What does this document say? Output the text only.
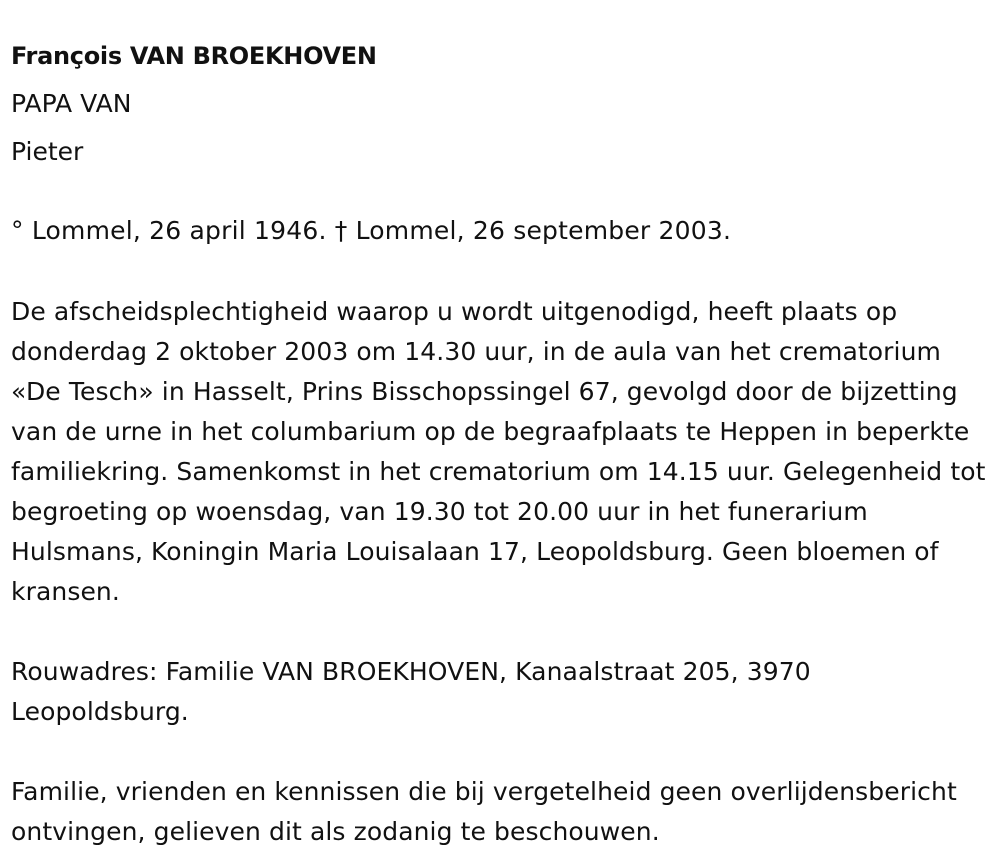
François VAN BROEKHOVEN
PAPA VAN
Pieter
° Lommel, 26 april 1946. † Lommel, 26 september 2003.

De afscheidsplechtigheid waarop u wordt uitgenodigd, heeft plaats op donderdag 2 oktober 2003 om 14.30 uur, in de aula van het crematorium «De Tesch» in Hasselt, Prins Bisschopssingel 67, gevolgd door de bijzetting van de urne in het columbarium op de begraafplaats te Heppen in beperkte familiekring. Samenkomst in het crematorium om 14.15 uur. Gelegenheid tot begroeting op woensdag, van 19.30 tot 20.00 uur in het funerarium Hulsmans, Koningin Maria Louisalaan 17, Leopoldsburg. Geen bloemen of kransen.

Rouwadres: Familie VAN BROEKHOVEN, Kanaalstraat 205, 3970 Leopoldsburg.

Familie, vrienden en kennissen die bij vergetelheid geen overlijdensbericht ontvingen, gelieven dit als zodanig te beschouwen.
